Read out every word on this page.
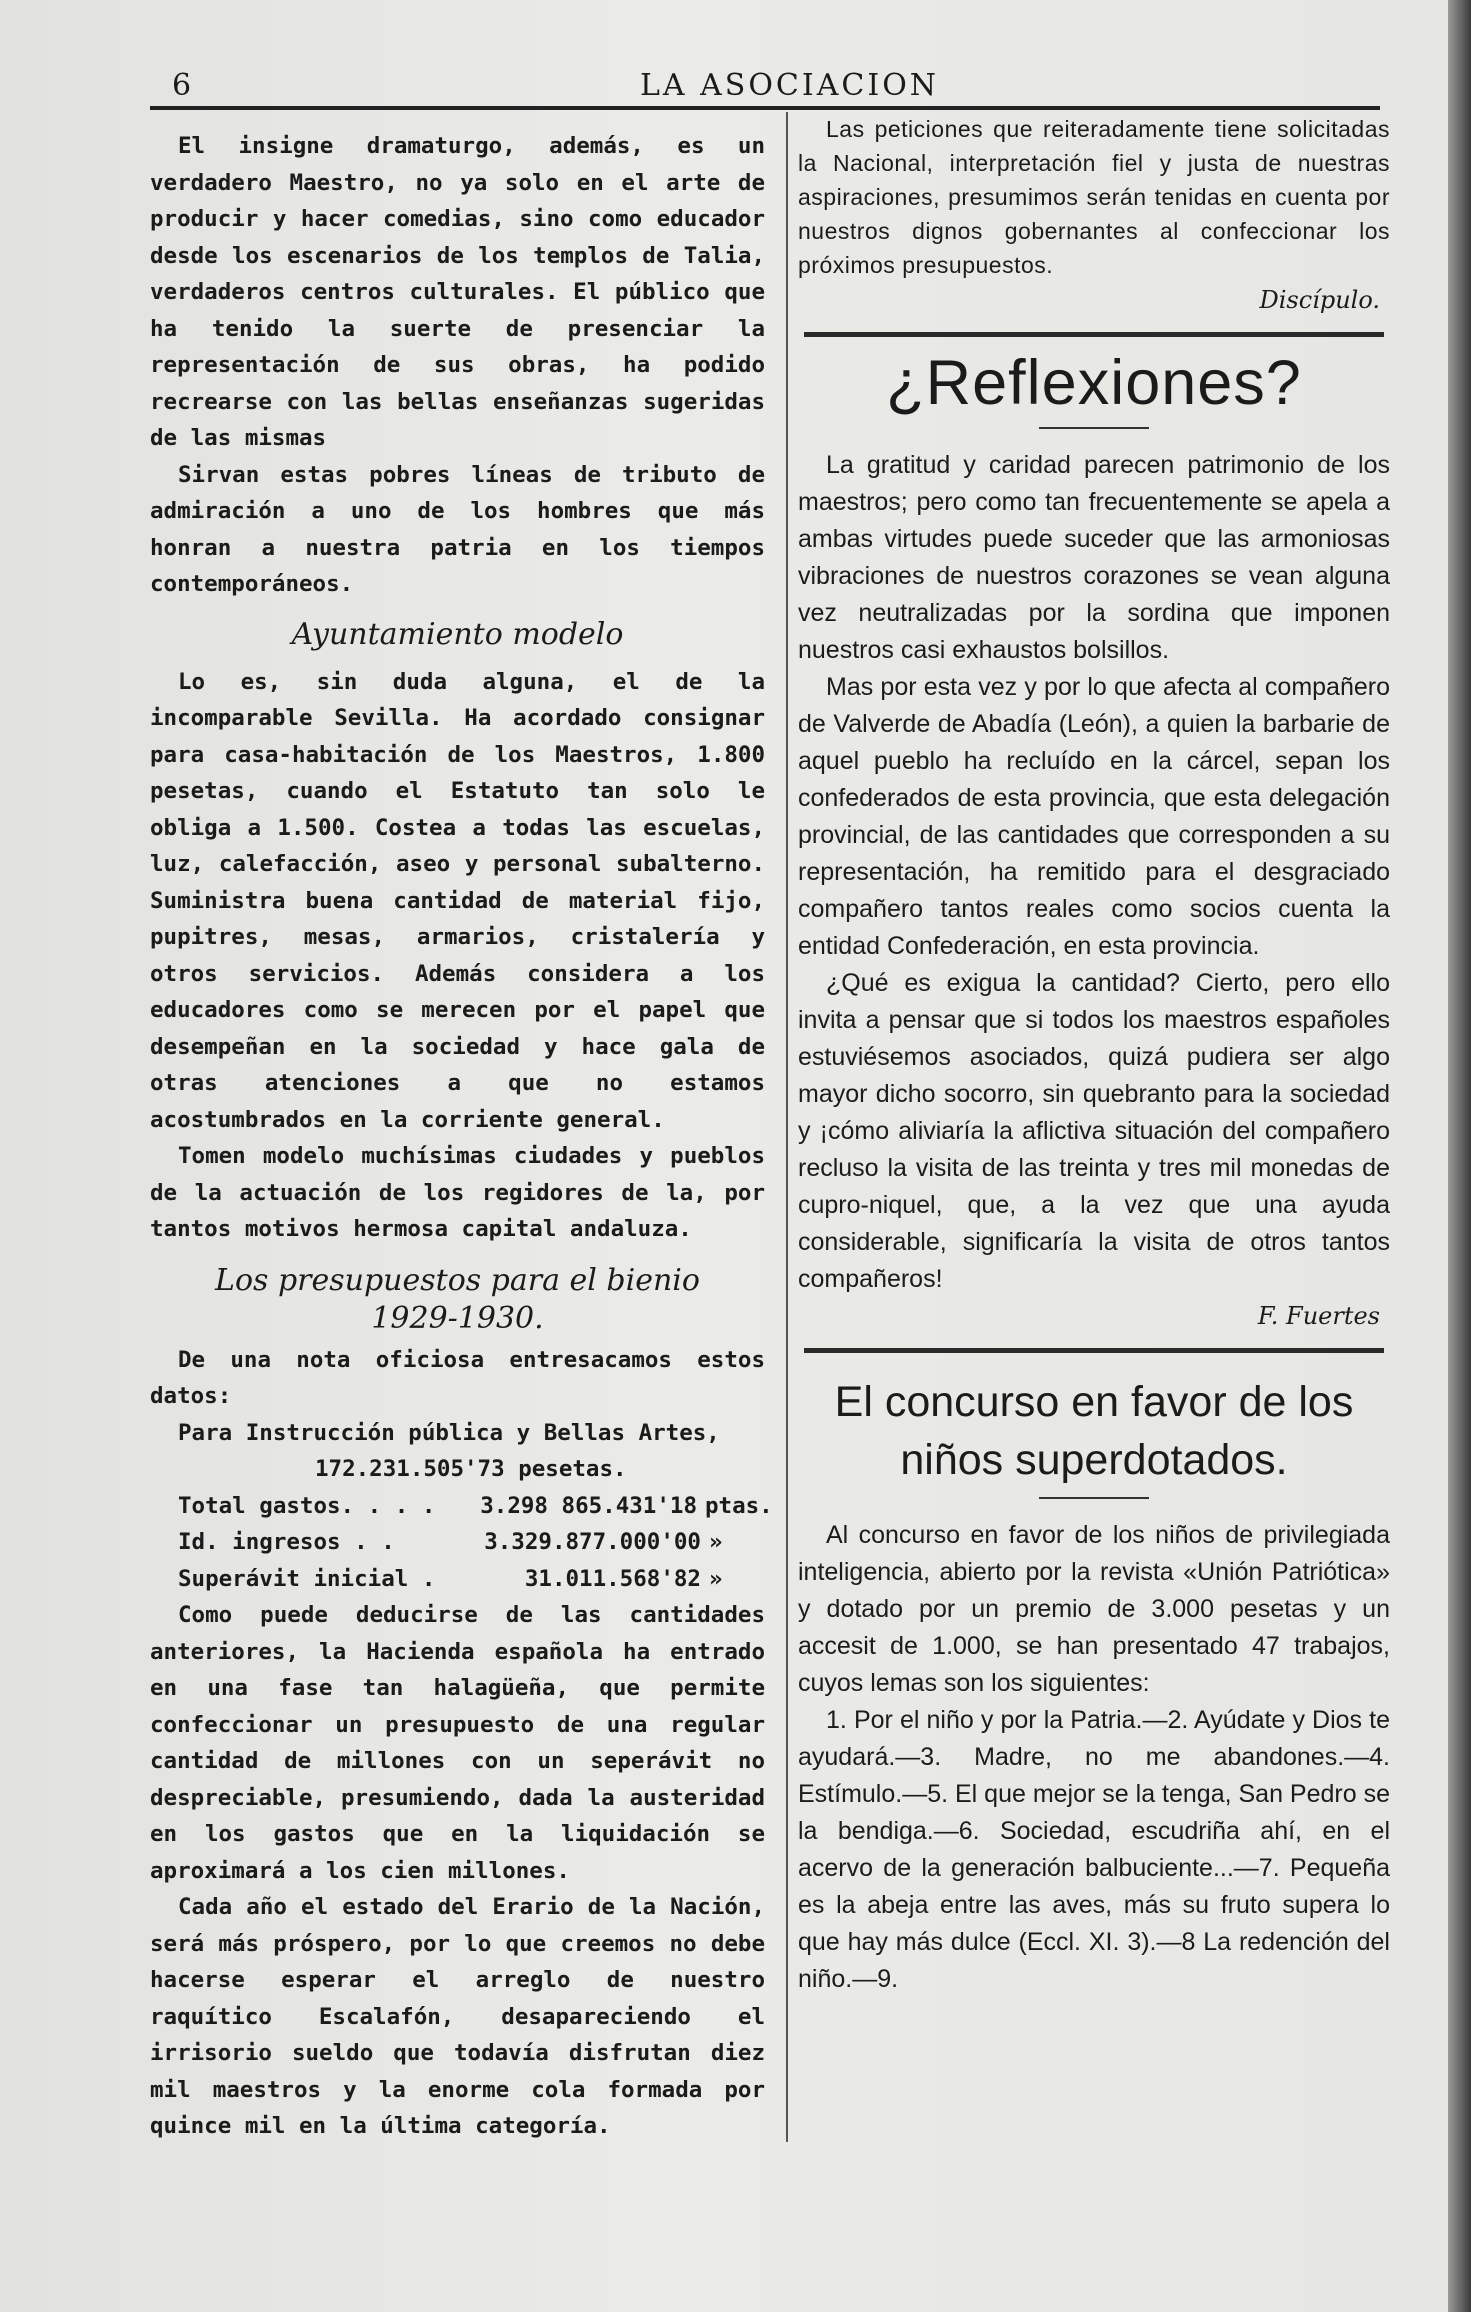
6	LA ASOCIACION

El insigne dramaturgo, además, es un verdadero Maestro, no ya solo en el arte de producir y hacer comedias, sino como educador desde los escenarios de los templos de Talia, verdaderos centros culturales. El público que ha tenido la suerte de presenciar la representación de sus obras, ha podido recrearse con las bellas enseñanzas sugeridas de las mismas

Sirvan estas pobres líneas de tributo de admiración a uno de los hombres que más honran a nuestra patria en los tiempos contemporáneos.

Ayuntamiento modelo

Lo es, sin duda alguna, el de la incomparable Sevilla. Ha acordado consignar para casa-habitación de los Maestros, 1.800 pesetas, cuando el Estatuto tan solo le obliga a 1.500. Costea a todas las escuelas, luz, calefacción, aseo y personal subalterno. Suministra buena cantidad de material fijo, pupitres, mesas, armarios, cristalería y otros servicios. Además considera a los educadores como se merecen por el papel que desempeñan en la sociedad y hace gala de otras atenciones a que no estamos acostumbrados en la corriente general.

Tomen modelo muchísimas ciudades y pueblos de la actuación de los regidores de la, por tantos motivos hermosa capital andaluza.

Los presupuestos para el bienio
1929-1930.

De una nota oficiosa entresacamos estos datos:

Para Instrucción pública y Bellas Artes,
172.231.505'73 pesetas.
Total gastos. . . .	3.298 865.431'18 ptas.
Id. ingresos . .	3.329.877.000'00 »
Superávit inicial .	31.011.568'82 »

Como puede deducirse de las cantidades anteriores, la Hacienda española ha entrado en una fase tan halagüeña, que permite confeccionar un presupuesto de una regular cantidad de millones con un seperávit no despreciable, presumiendo, dada la austeridad en los gastos que en la liquidación se aproximará a los cien millones.

Cada año el estado del Erario de la Nación, será más próspero, por lo que creemos no debe hacerse esperar el arreglo de nuestro raquítico Escalafón, desapareciendo el irrisorio sueldo que todavía disfrutan diez mil maestros y la enorme cola formada por quince mil en la última categoría.

Las peticiones que reiteradamente tiene solicitadas la Nacional, interpretación fiel y justa de nuestras aspiraciones, presumimos serán tenidas en cuenta por nuestros dignos gobernantes al confeccionar los próximos presupuestos.

Discípulo.
¿Reflexiones?

La gratitud y caridad parecen patrimonio de los maestros; pero como tan frecuentemente se apela a ambas virtudes puede suceder que las armoniosas vibraciones de nuestros corazones se vean alguna vez neutralizadas por la sordina que imponen nuestros casi exhaustos bolsillos.

Mas por esta vez y por lo que afecta al compañero de Valverde de Abadía (León), a quien la barbarie de aquel pueblo ha recluído en la cárcel, sepan los confederados de esta provincia, que esta delegación provincial, de las cantidades que corresponden a su representación, ha remitido para el desgraciado compañero tantos reales como socios cuenta la entidad Confederación, en esta provincia.

¿Qué es exigua la cantidad? Cierto, pero ello invita a pensar que si todos los maestros españoles estuviésemos asociados, quizá pudiera ser algo mayor dicho socorro, sin quebranto para la sociedad y ¡cómo aliviaría la aflictiva situación del compañero recluso la visita de las treinta y tres mil monedas de cupro-niquel, que, a la vez que una ayuda considerable, significaría la visita de otros tantos compañeros!

F. Fuertes
El concurso en favor de los
niños superdotados.

Al concurso en favor de los niños de privilegiada inteligencia, abierto por la revista «Unión Patriótica» y dotado por un premio de 3.000 pesetas y un accesit de 1.000, se han presentado 47 trabajos, cuyos lemas son los siguientes:

1. Por el niño y por la Patria.—2. Ayúdate y Dios te ayudará.—3. Madre, no me abandones.—4. Estímulo.—5. El que mejor se la tenga, San Pedro se la bendiga.—6. Sociedad, escudriña ahí, en el acervo de la generación balbuciente...—7. Pequeña es la abeja entre las aves, más su fruto supera lo que hay más dulce (Eccl. XI. 3).—8 La redención del niño.—9.
